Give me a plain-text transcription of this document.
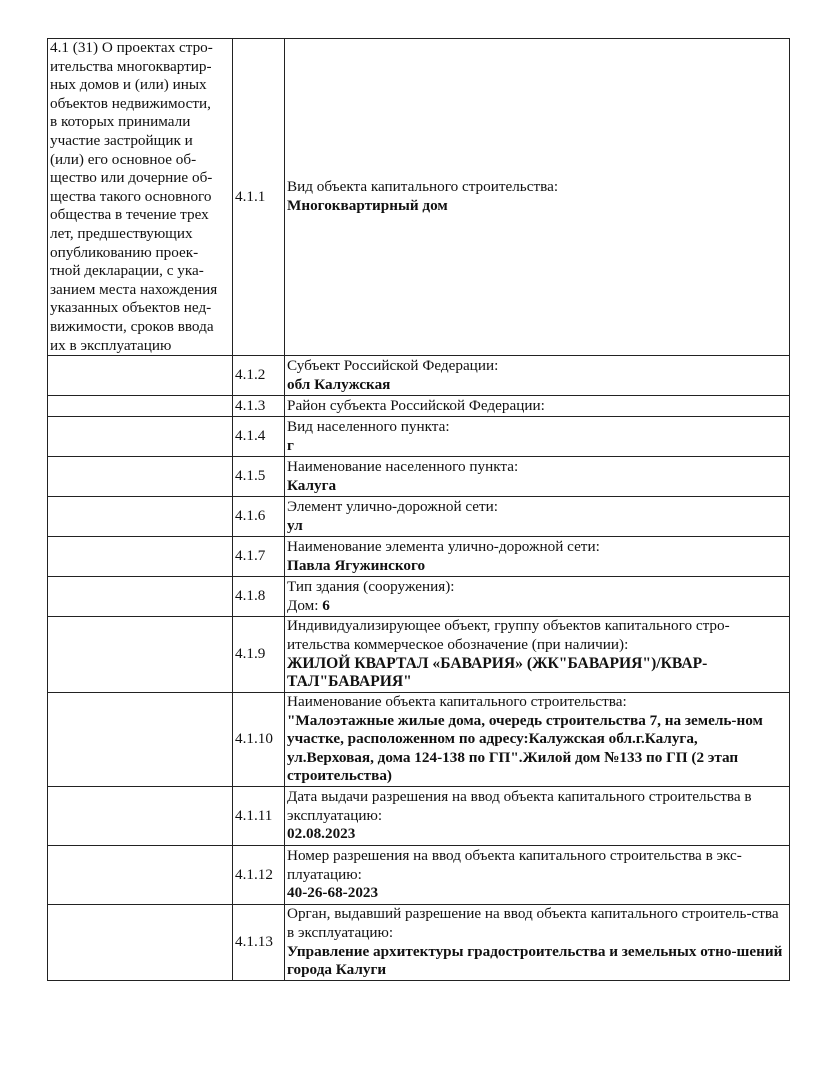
4.1 (31) О проектах стро-
ительства многоквартир-
ных домов и (или) иных
объектов недвижимости,
в которых принимали
участие застройщик и
(или) его основное об-
щество или дочерние об-
щества такого основного
общества в течение трех
лет, предшествующих
опубликованию проек-
тной декларации, с ука-
занием места нахождения
указанных объектов нед-
вижимости, сроков ввода
их в эксплуатацию
	4.1.1	
Вид объекта капитального строительства:
Многоквартирный дом

	4.1.2	Субъект Российской Федерации:
обл Калужская

	4.1.3	Район субъекта Российской Федерации:

	4.1.4	Вид населенного пункта:
г

	4.1.5	Наименование населенного пункта:
Калуга

	4.1.6	Элемент улично-дорожной сети:
ул

	4.1.7	Наименование элемента улично-дорожной сети:
Павла Ягужинского

	4.1.8	Тип здания (сооружения):
Дом: 6

	4.1.9	Индивидуализирующее объект, группу объектов капитального стро-ительства коммерческое обозначение (при наличии):
ЖИЛОЙ КВАРТАЛ «БАВАРИЯ» (ЖК"БАВАРИЯ")/КВАР-ТАЛ"БАВАРИЯ"

	4.1.10	Наименование объекта капитального строительства:
"Малоэтажные жилые дома, очередь строительства 7, на земель-ном участке, расположенном по адресу:Калужская обл.г.Калуга, ул.Верховая, дома 124-138 по ГП".Жилой дом №133 по ГП (2 этап строительства)

	4.1.11	Дата выдачи разрешения на ввод объекта капитального строительства в эксплуатацию:
02.08.2023

	4.1.12	Номер разрешения на ввод объекта капитального строительства в экс-плуатацию:
40-26-68-2023

	4.1.13	Орган, выдавший разрешение на ввод объекта капитального строитель-ства в эксплуатацию:
Управление архитектуры градостроительства и земельных отно-шений города Калуги
